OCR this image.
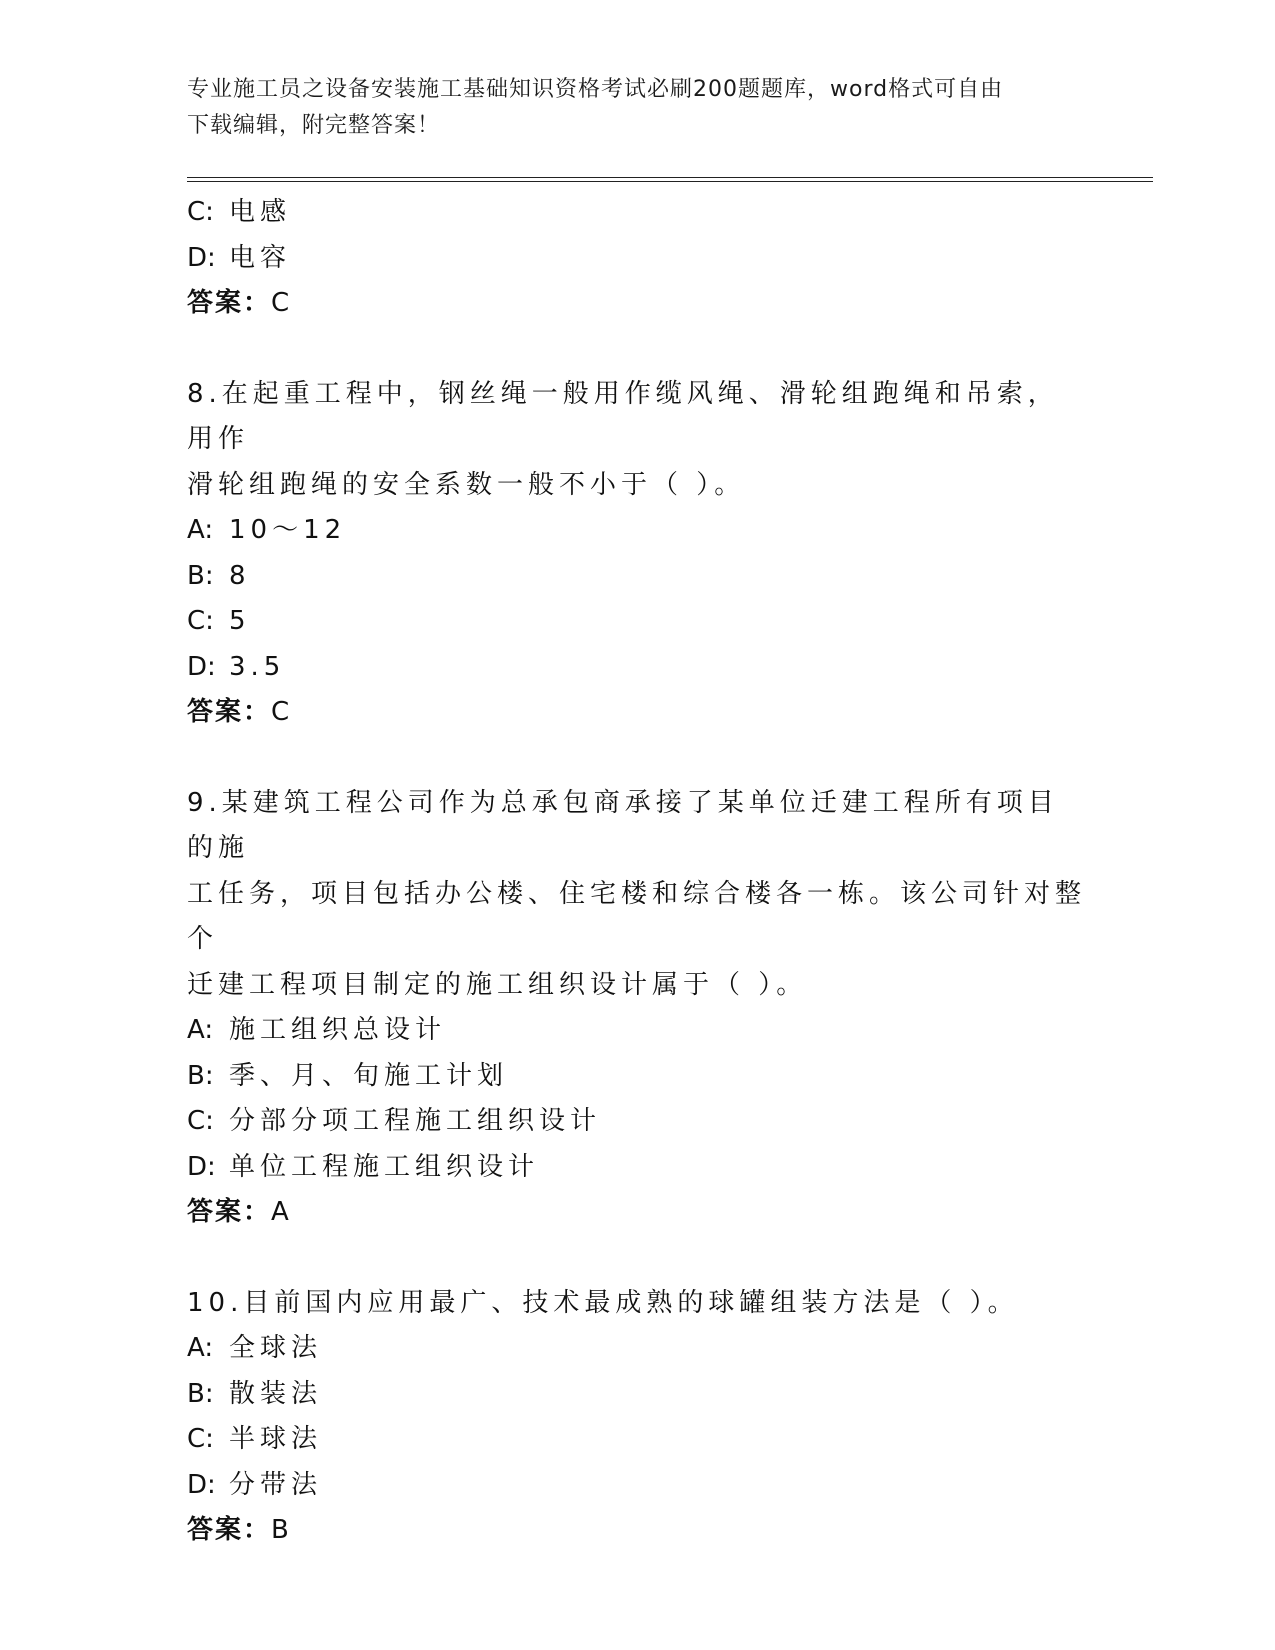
专业施工员之设备安装施工基础知识资格考试必刷200题题库，word格式可自由
下载编辑，附完整答案！
C: 电感
D: 电容
答案：C
8.在起重工程中，钢丝绳一般用作缆风绳、滑轮组跑绳和吊索，用作
滑轮组跑绳的安全系数一般不小于（ ）。
A: 10～12
B: 8
C: 5
D: 3.5
答案：C
9.某建筑工程公司作为总承包商承接了某单位迁建工程所有项目的施
工任务，项目包括办公楼、住宅楼和综合楼各一栋。该公司针对整个
迁建工程项目制定的施工组织设计属于（ ）。
A: 施工组织总设计
B: 季、月、旬施工计划
C: 分部分项工程施工组织设计
D: 单位工程施工组织设计
答案：A
10.目前国内应用最广、技术最成熟的球罐组装方法是（ ）。
A: 全球法
B: 散装法
C: 半球法
D: 分带法
答案：B
